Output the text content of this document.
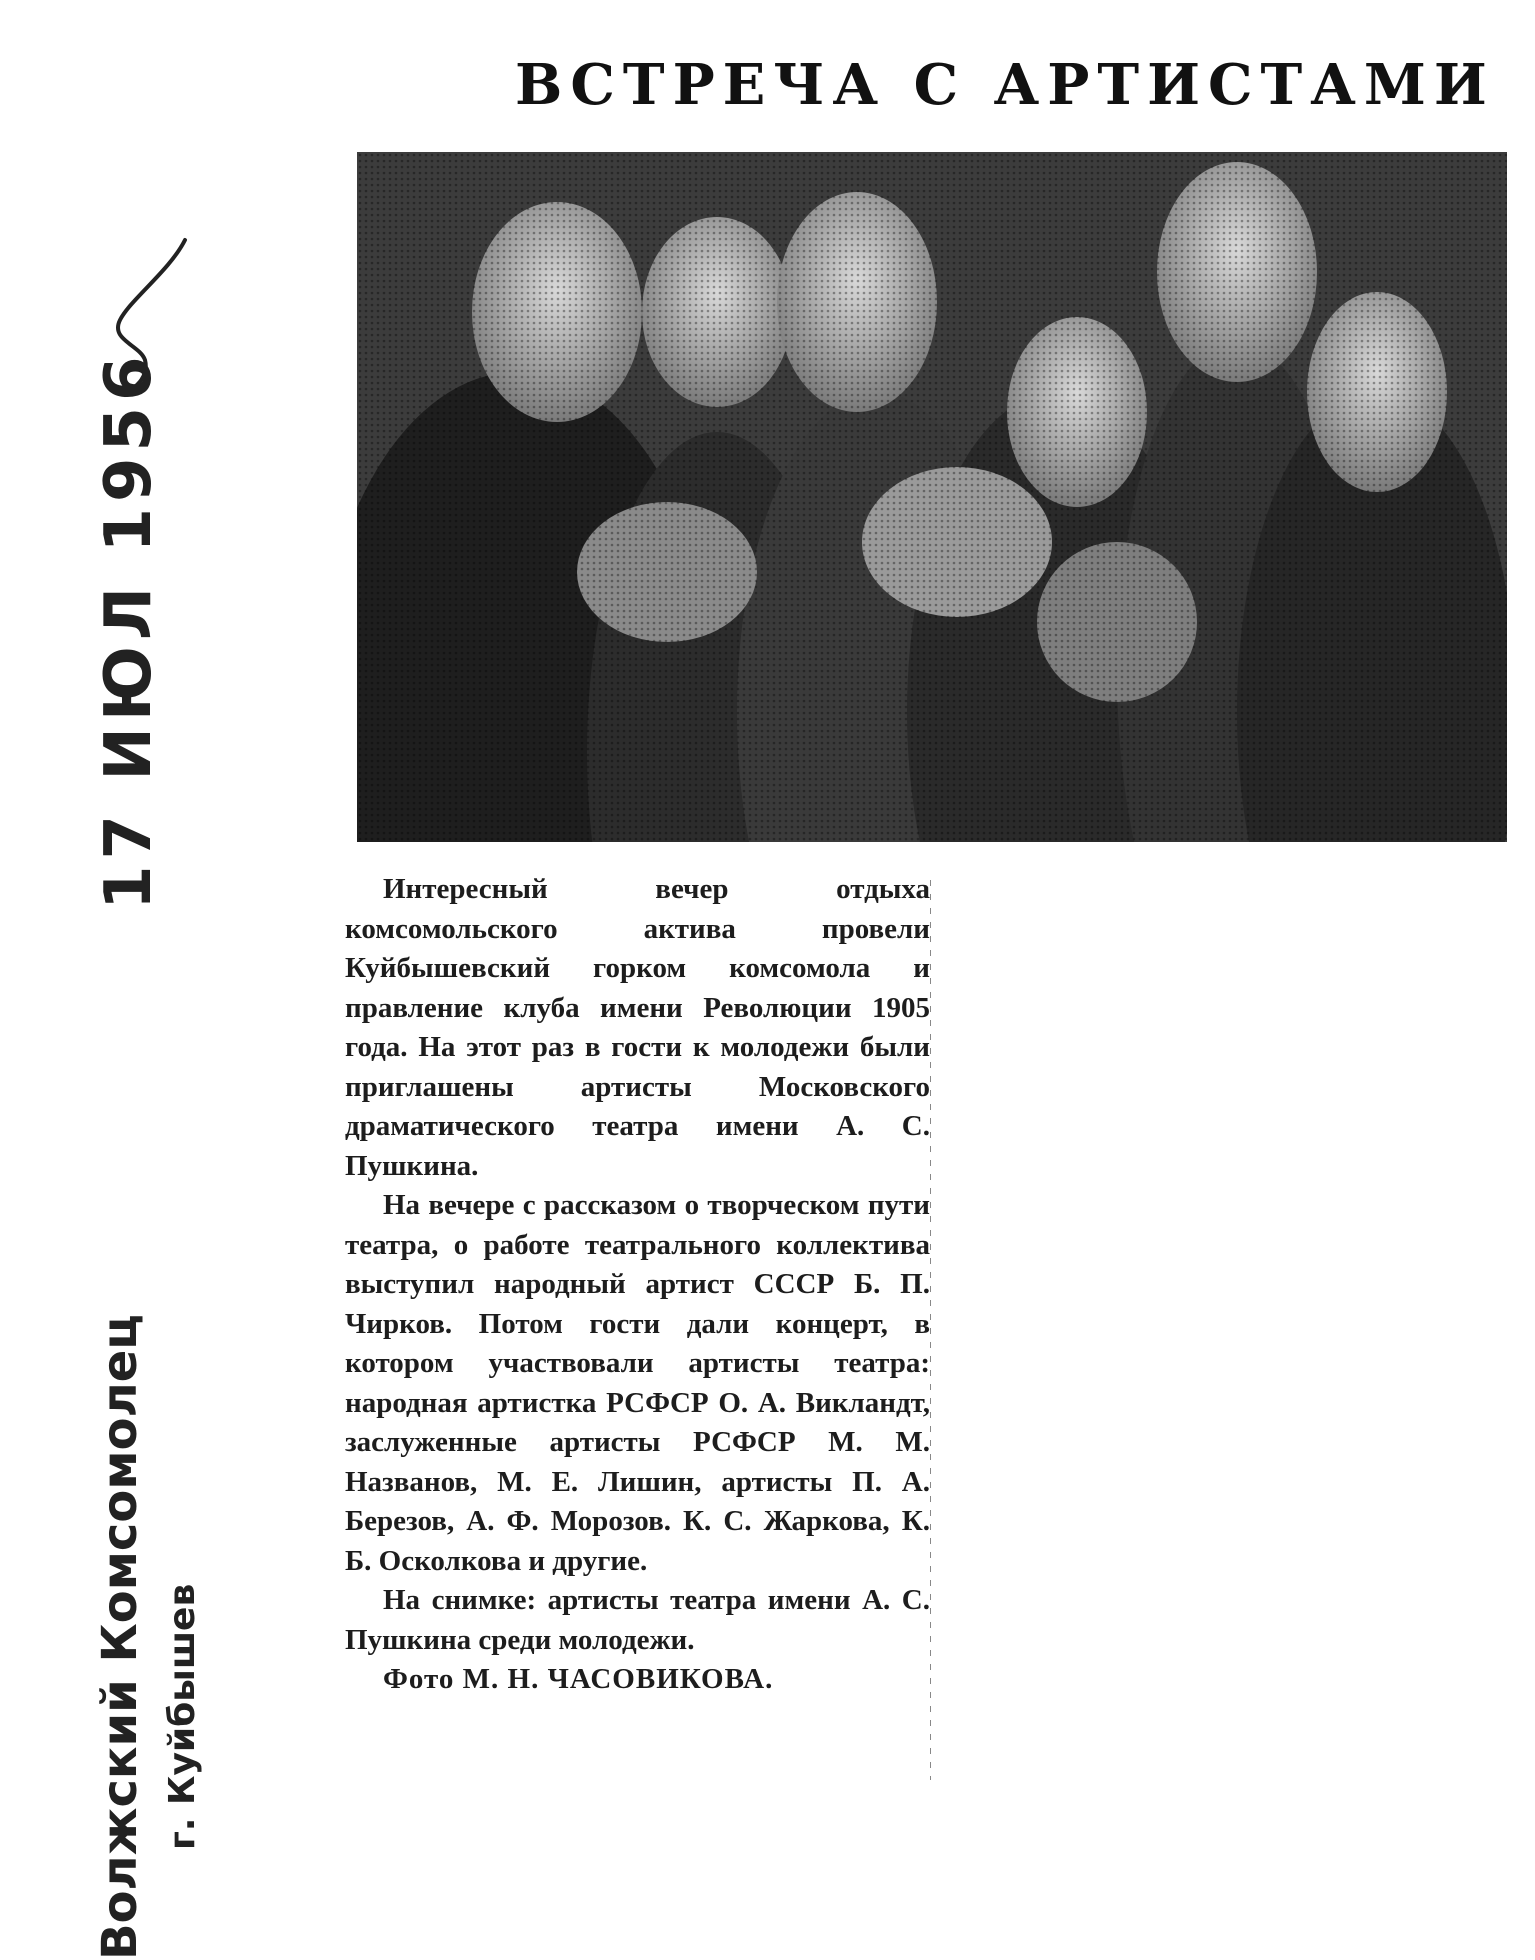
ВСТРЕЧА С АРТИСТАМИ
17 ИЮЛ 1956
Волжский Комсомолец г. Куйбышев

Интересный вечер отдыха комсомольского актива провели Куйбышевский горком комсомола и правление клуба имени Революции 1905 года. На этот раз в гости к молодежи были приглашены артисты Московского драматического театра имени А. С. Пушкина.

На вечере с рассказом о творческом пути театра, о работе театрального коллектива выступил народный артист СССР Б. П. Чирков. Потом гости дали концерт, в котором участвовали артисты театра: народная артистка РСФСР О. А. Викландт, заслуженные артисты РСФСР М. М. Названов, М. Е. Лишин, артисты П. А. Березов, А. Ф. Морозов. К. С. Жаркова, К. Б. Осколкова и другие.

На снимке: артисты театра имени А. С. Пушкина среди молодежи.

Фото М. Н. ЧАСОВИКОВА.
